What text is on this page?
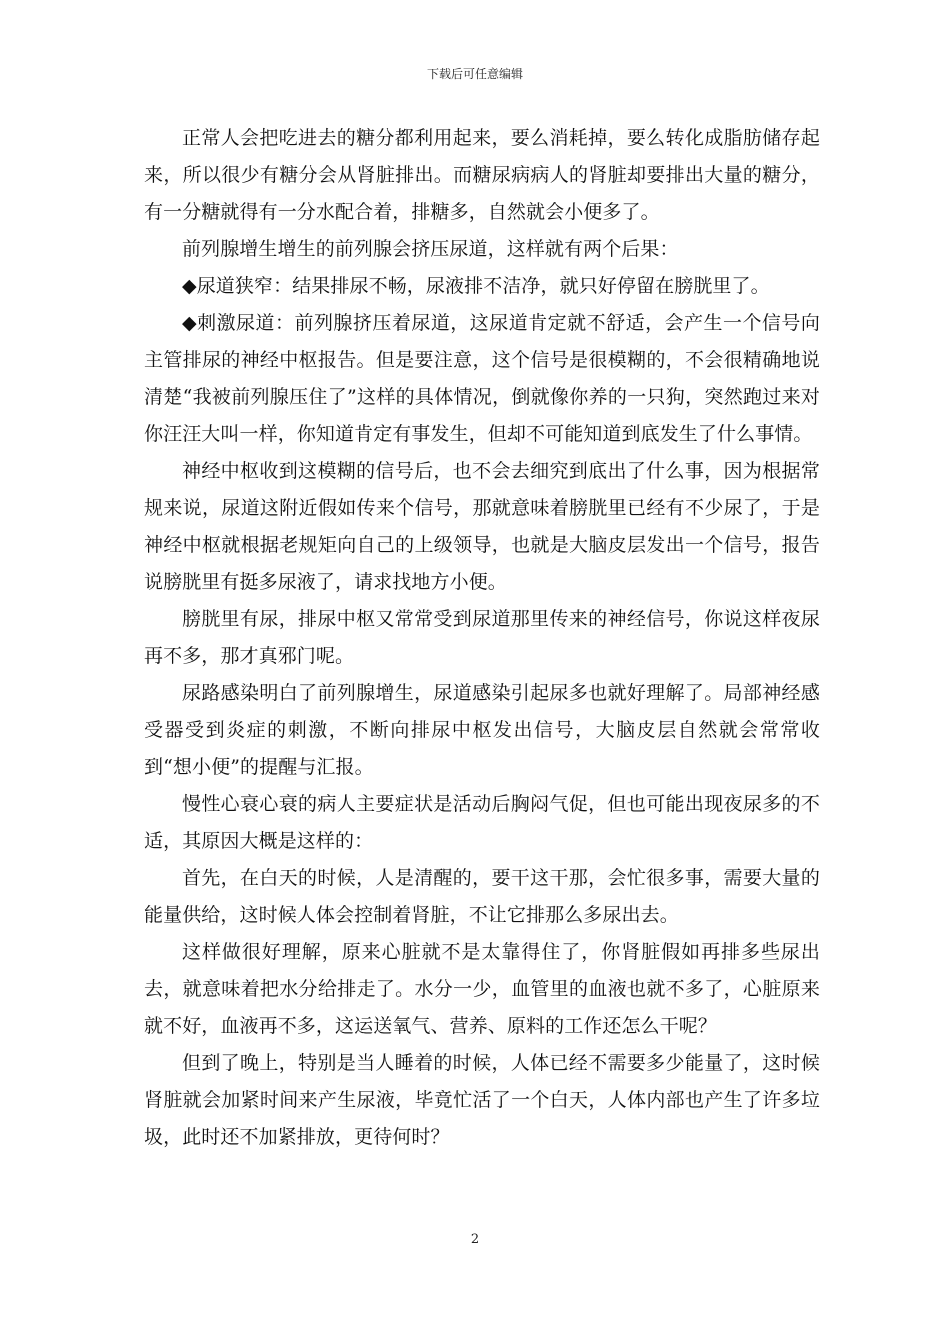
下载后可任意编辑

正常人会把吃进去的糖分都利用起来，要么消耗掉，要么转化成脂肪储存起来，所以很少有糖分会从肾脏排出。而糖尿病病人的肾脏却要排出大量的糖分，有一分糖就得有一分水配合着，排糖多，自然就会小便多了。

前列腺增生增生的前列腺会挤压尿道，这样就有两个后果：

◆尿道狭窄：结果排尿不畅，尿液排不洁净，就只好停留在膀胱里了。

◆刺激尿道：前列腺挤压着尿道，这尿道肯定就不舒适，会产生一个信号向主管排尿的神经中枢报告。但是要注意，这个信号是很模糊的，不会很精确地说清楚“我被前列腺压住了”这样的具体情况，倒就像你养的一只狗，突然跑过来对你汪汪大叫一样，你知道肯定有事发生，但却不可能知道到底发生了什么事情。

神经中枢收到这模糊的信号后，也不会去细究到底出了什么事，因为根据常规来说，尿道这附近假如传来个信号，那就意味着膀胱里已经有不少尿了，于是神经中枢就根据老规矩向自己的上级领导，也就是大脑皮层发出一个信号，报告说膀胱里有挺多尿液了，请求找地方小便。

膀胱里有尿，排尿中枢又常常受到尿道那里传来的神经信号，你说这样夜尿再不多，那才真邪门呢。

尿路感染明白了前列腺增生，尿道感染引起尿多也就好理解了。局部神经感受器受到炎症的刺激，不断向排尿中枢发出信号，大脑皮层自然就会常常收到“想小便”的提醒与汇报。

慢性心衰心衰的病人主要症状是活动后胸闷气促，但也可能出现夜尿多的不适，其原因大概是这样的：

首先，在白天的时候，人是清醒的，要干这干那，会忙很多事，需要大量的能量供给，这时候人体会控制着肾脏，不让它排那么多尿出去。

这样做很好理解，原来心脏就不是太靠得住了，你肾脏假如再排多些尿出去，就意味着把水分给排走了。水分一少，血管里的血液也就不多了，心脏原来就不好，血液再不多，这运送氧气、营养、原料的工作还怎么干呢？

但到了晚上，特别是当人睡着的时候，人体已经不需要多少能量了，这时候肾脏就会加紧时间来产生尿液，毕竟忙活了一个白天，人体内部也产生了许多垃圾，此时还不加紧排放，更待何时？

2
